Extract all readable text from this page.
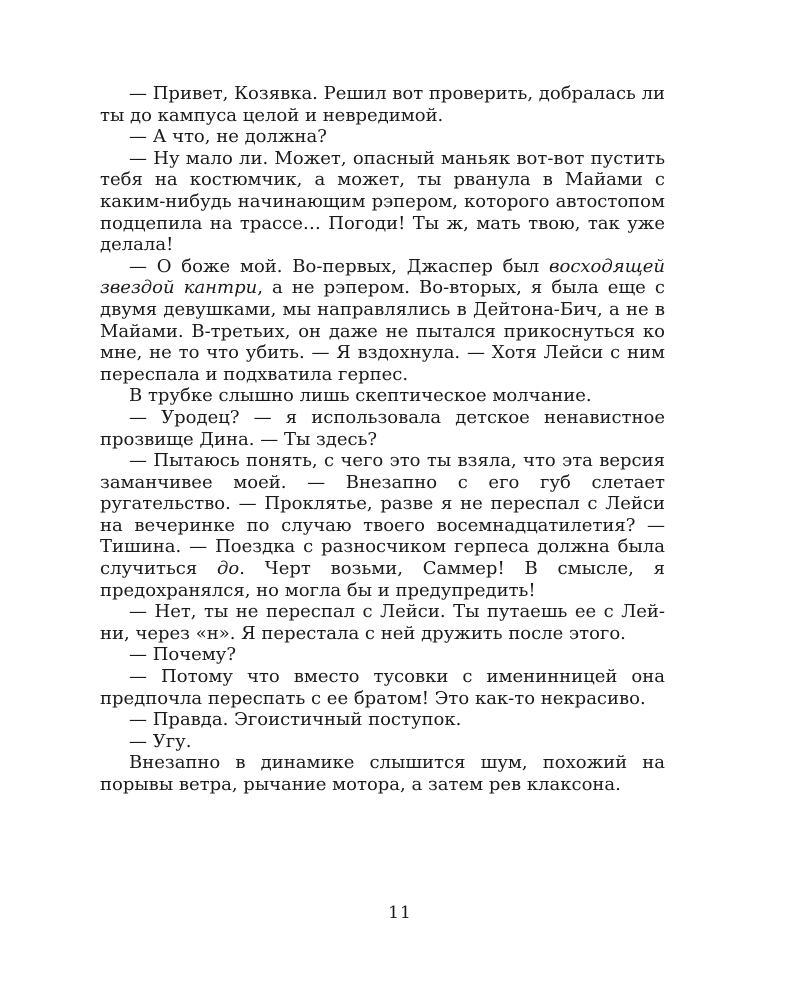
— Привет, Козявка. Решил вот проверить, добралась ли ты до кампуса целой и невредимой.

— А что, не должна?

— Ну мало ли. Может, опасный маньяк вот-вот пустить тебя на костюмчик, а может, ты рванула в Майами с каким-нибудь начинающим рэпером, которого автостопом подцепила на трассе… Погоди! Ты ж, мать твою, так уже делала!

— О боже мой. Во-первых, Джаспер был восходящей звездой кантри, а не рэпером. Во-вторых, я была еще с двумя девушками, мы направлялись в Дейтона-Бич, а не в Майами. В-третьих, он даже не пытался прикоснуться ко мне, не то что убить. — Я вздохнула. — Хотя Лейси с ним переспала и подхватила герпес.

В трубке слышно лишь скептическое молчание.

— Уродец? — я использовала детское ненавистное прозвище Дина. — Ты здесь?

— Пытаюсь понять, с чего это ты взяла, что эта версия заманчивее моей. — Внезапно с его губ слетает ругательство. — Проклятье, разве я не переспал с Лейси на вечеринке по случаю твоего восемнадцатилетия? — Тишина. — Поездка с разносчиком герпеса должна была случиться до. Черт возьми, Саммер! В смысле, я предохранялся, но могла бы и предупредить!

— Нет, ты не переспал с Лейси. Ты путаешь ее с Лейни, через «н». Я перестала с ней дружить после этого.

— Почему?

— Потому что вместо тусовки с именинницей она предпочла переспать с ее братом! Это как-то некрасиво.

— Правда. Эгоистичный поступок.

— Угу.

Внезапно в динамике слышится шум, похожий на порывы ветра, рычание мотора, а затем рев клаксона.

11
